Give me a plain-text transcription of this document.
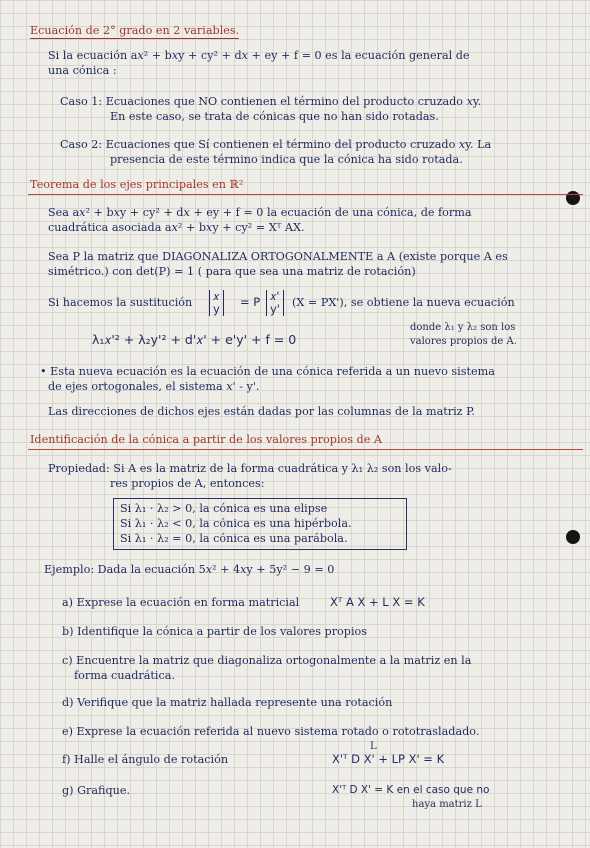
Ecuación de 2° grado en 2 variables.
Si la ecuación a𝑥² + b𝑥y + cy² + d𝑥 + ey + f = 0 es la ecuación general de
una cónica :
Caso 1: Ecuaciones que NO contienen el término del producto cruzado 𝑥y.
En este caso, se trata de cónicas que no han sido rotadas.
Caso 2: Ecuaciones que Sí contienen el término del producto cruzado 𝑥y. La
presencia de este término indica que la cónica ha sido rotada.
Teorema de los ejes principales en ℝ²
Sea a𝑥² + b𝑥y + cy² + d𝑥 + ey + f = 0 la ecuación de una cónica, de forma
cuadrática asociada a𝑥² + b𝑥y + cy² = Xᵀ AX.
Sea P la matriz que DIAGONALIZA ORTOGONALMENTE a A (existe porque A es
simétrico.) con det(P) = 1 ( para que sea una matriz de rotación)
Si hacemos la sustitución	𝑥
y	= P 𝑥'
y'	(X = PX'), se obtiene la nueva ecuación
donde λ₁ y λ₂ son los
valores propios de A.
λ₁𝑥'² + λ₂y'² + d'𝑥' + e'y' + f = 0
• Esta nueva ecuación es la ecuación de una cónica referida a un nuevo sistema
de ejes ortogonales, el sistema 𝑥' - y'.
Las direcciones de dichos ejes están dadas por las columnas de la matriz P.
Identificación de la cónica a partir de los valores propios de A
Propiedad: Si A es la matriz de la forma cuadrática y λ₁ λ₂ son los valo-
res propios de A, entonces:
Si λ₁ · λ₂ > 0, la cónica es una elipse
Si λ₁ · λ₂ < 0, la cónica es una hipérbola.
Si λ₁ · λ₂ = 0, la cónica es una parábola.
Ejemplo: Dada la ecuación 5𝑥² + 4𝑥y + 5y² − 9 = 0
a) Exprese la ecuación en forma matricial	Xᵀ A X + L X = K
b) Identifique la cónica a partir de los valores propios
c) Encuentre la matriz que diagonaliza ortogonalmente a la matriz en la
forma cuadrática.
d) Verifique que la matriz hallada represente una rotación
e) Exprese la ecuación referida al nuevo sistema rotado o rototrasladado.
L
f) Halle el ángulo de rotación	X'ᵀ D X' + LP X' = K
g) Grafique.	X'ᵀ D X' = K en el caso que no
haya matriz L
